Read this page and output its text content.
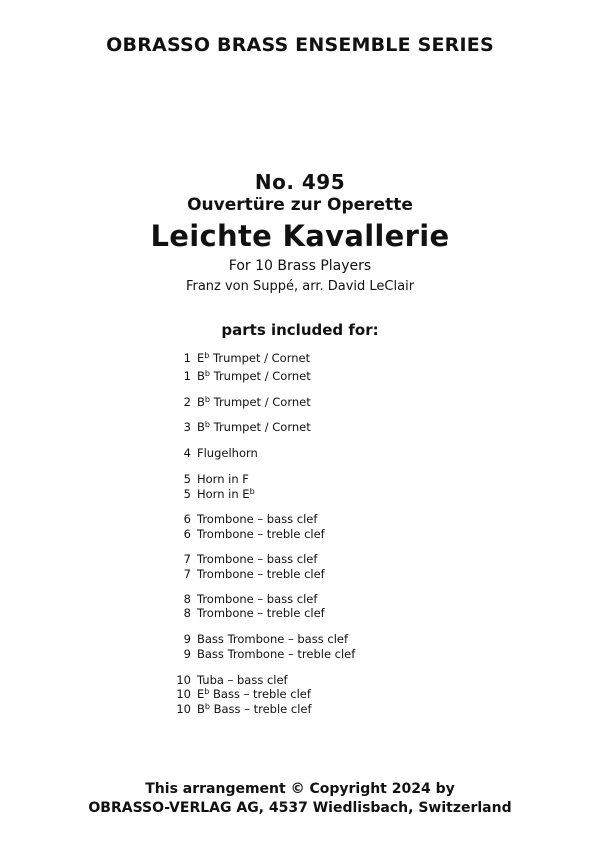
OBRASSO BRASS ENSEMBLE SERIES
No. 495
Ouvertüre zur Operette
Leichte Kavallerie
For 10 Brass Players
Franz von Suppé, arr. David LeClair
parts included for:
1 $E^b$ Trumpet / Cornet
1 $B^b$ Trumpet / Cornet
2 $B^b$ Trumpet / Cornet
3 $B^b$ Trumpet / Cornet
4 Flugelhorn
5 Horn in F
5 Horn in $E^b$
6 Trombone – bass clef
6 Trombone – treble clef
7 Trombone – bass clef
7 Trombone – treble clef
8 Trombone – bass clef
8 Trombone – treble clef
9 Bass Trombone – bass clef
9 Bass Trombone – treble clef
10 Tuba – bass clef
10 $E^b$ Bass – treble clef
10 $B^b$ Bass – treble clef
This arrangement © Copyright 2024 by
OBRASSO-VERLAG AG, 4537 Wiedlisbach, Switzerland
